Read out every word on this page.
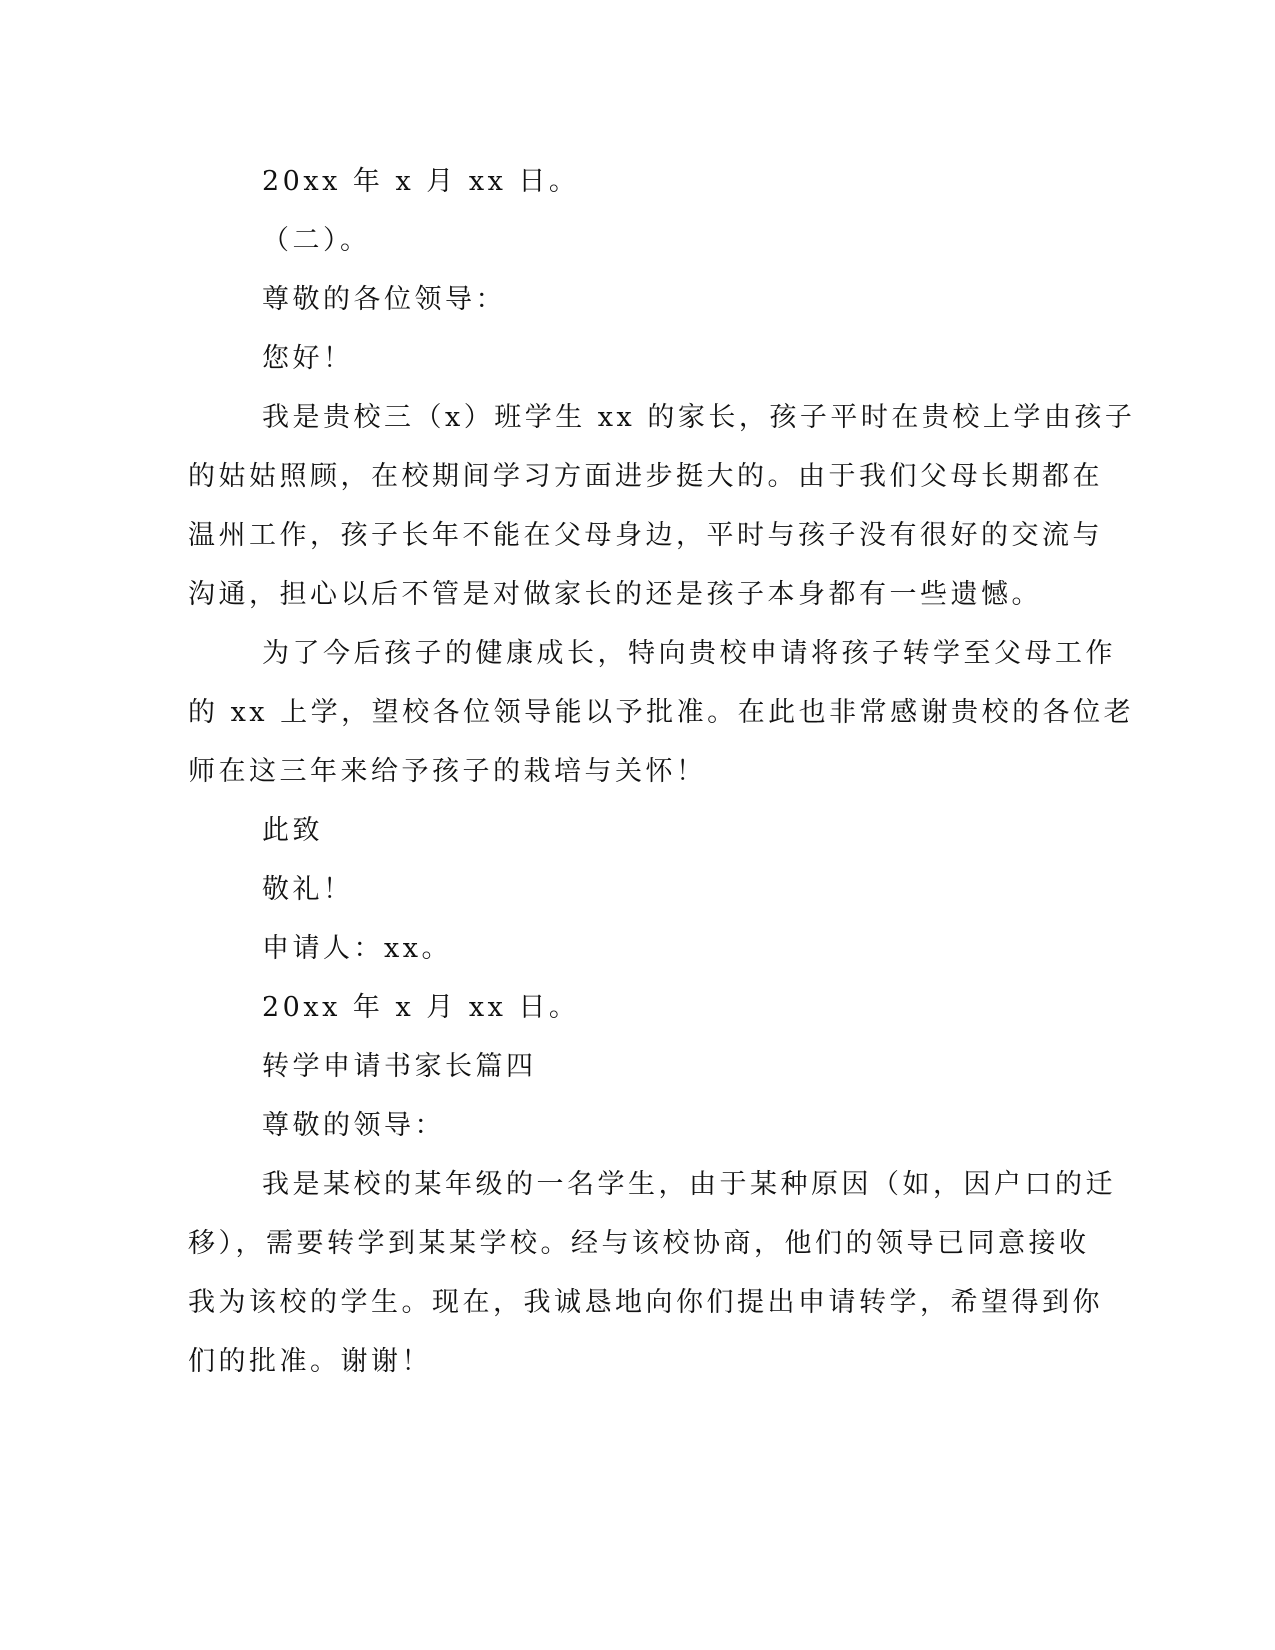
20xx 年 x 月 xx 日。
（二）。
尊敬的各位领导：
您好！
我是贵校三（x）班学生 xx 的家长，孩子平时在贵校上学由孩子
的姑姑照顾，在校期间学习方面进步挺大的。由于我们父母长期都在
温州工作，孩子长年不能在父母身边，平时与孩子没有很好的交流与
沟通，担心以后不管是对做家长的还是孩子本身都有一些遗憾。
为了今后孩子的健康成长，特向贵校申请将孩子转学至父母工作
的 xx 上学，望校各位领导能以予批准。在此也非常感谢贵校的各位老
师在这三年来给予孩子的栽培与关怀！
此致
敬礼！
申请人：xx。
20xx 年 x 月 xx 日。
转学申请书家长篇四
尊敬的领导：
我是某校的某年级的一名学生，由于某种原因（如，因户口的迁
移），需要转学到某某学校。经与该校协商，他们的领导已同意接收
我为该校的学生。现在，我诚恳地向你们提出申请转学，希望得到你
们的批准。谢谢！
